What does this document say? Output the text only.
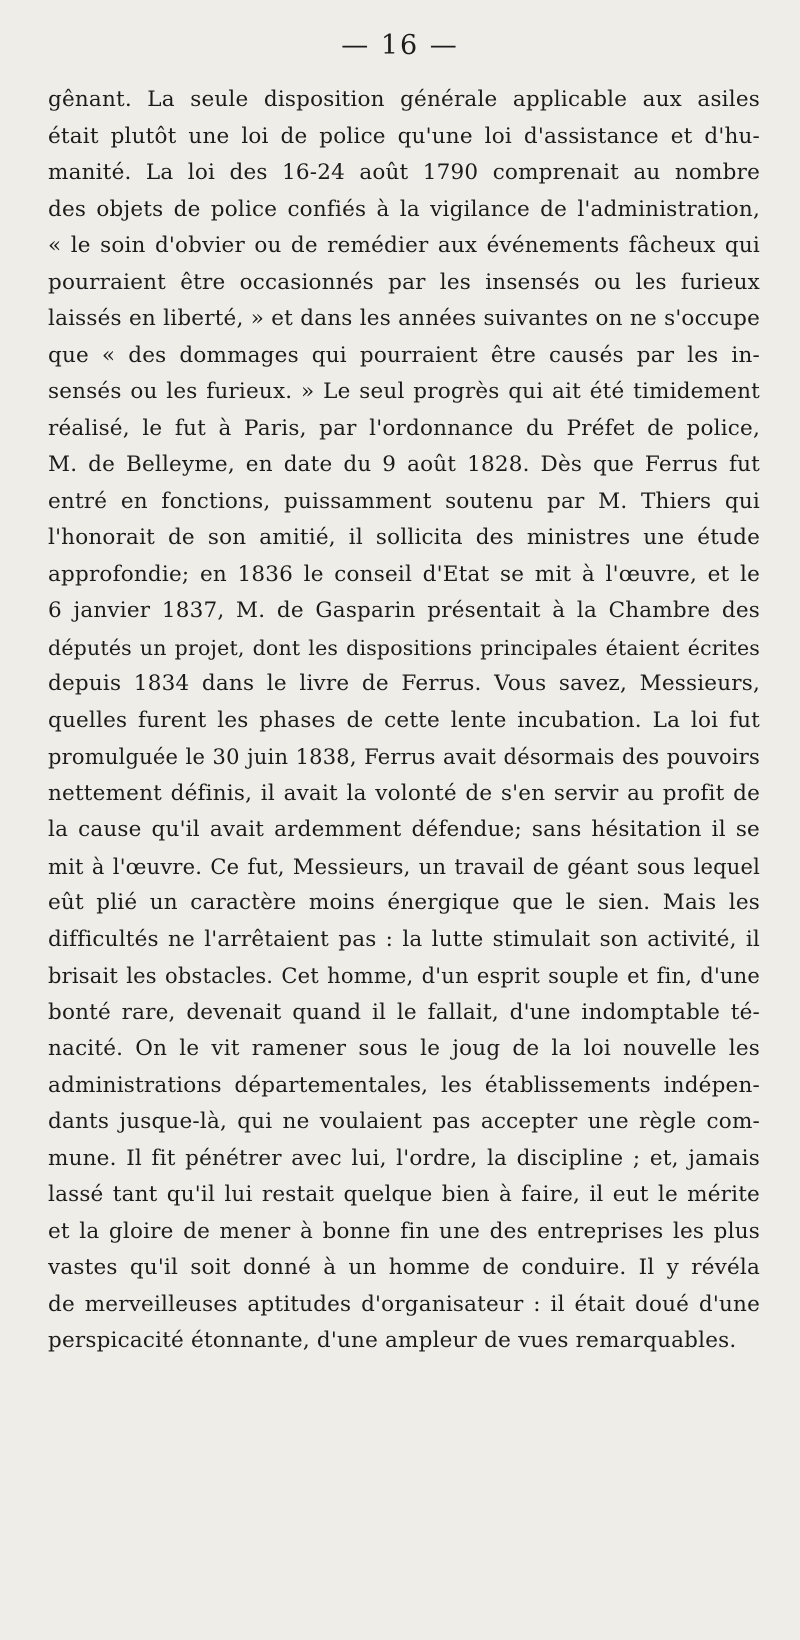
— 16 —

gênant. La seule disposition générale applicable aux asiles
était plutôt une loi de police qu'une loi d'assistance et d'hu-
manité. La loi des 16-24 août 1790 comprenait au nombre
des objets de police confiés à la vigilance de l'administration,
« le soin d'obvier ou de remédier aux événements fâcheux qui
pourraient être occasionnés par les insensés ou les furieux
laissés en liberté, » et dans les années suivantes on ne s'occupe
que « des dommages qui pourraient être causés par les in-
sensés ou les furieux. » Le seul progrès qui ait été timidement
réalisé, le fut à Paris, par l'ordonnance du Préfet de police,
M. de Belleyme, en date du 9 août 1828. Dès que Ferrus fut
entré en fonctions, puissamment soutenu par M. Thiers qui
l'honorait de son amitié, il sollicita des ministres une étude
approfondie; en 1836 le conseil d'Etat se mit à l'œuvre, et le
6 janvier 1837, M. de Gasparin présentait à la Chambre des
députés un projet, dont les dispositions principales étaient écrites
depuis 1834 dans le livre de Ferrus. Vous savez, Messieurs,
quelles furent les phases de cette lente incubation. La loi fut
promulguée le 30 juin 1838, Ferrus avait désormais des pouvoirs
nettement définis, il avait la volonté de s'en servir au profit de
la cause qu'il avait ardemment défendue; sans hésitation il se
mit à l'œuvre. Ce fut, Messieurs, un travail de géant sous lequel
eût plié un caractère moins énergique que le sien. Mais les
difficultés ne l'arrêtaient pas : la lutte stimulait son activité, il
brisait les obstacles. Cet homme, d'un esprit souple et fin, d'une
bonté rare, devenait quand il le fallait, d'une indomptable té-
nacité. On le vit ramener sous le joug de la loi nouvelle les
administrations départementales, les établissements indépen-
dants jusque-là, qui ne voulaient pas accepter une règle com-
mune. Il fit pénétrer avec lui, l'ordre, la discipline ; et, jamais
lassé tant qu'il lui restait quelque bien à faire, il eut le mérite
et la gloire de mener à bonne fin une des entreprises les plus
vastes qu'il soit donné à un homme de conduire. Il y révéla
de merveilleuses aptitudes d'organisateur : il était doué d'une
perspicacité étonnante, d'une ampleur de vues remarquables.
